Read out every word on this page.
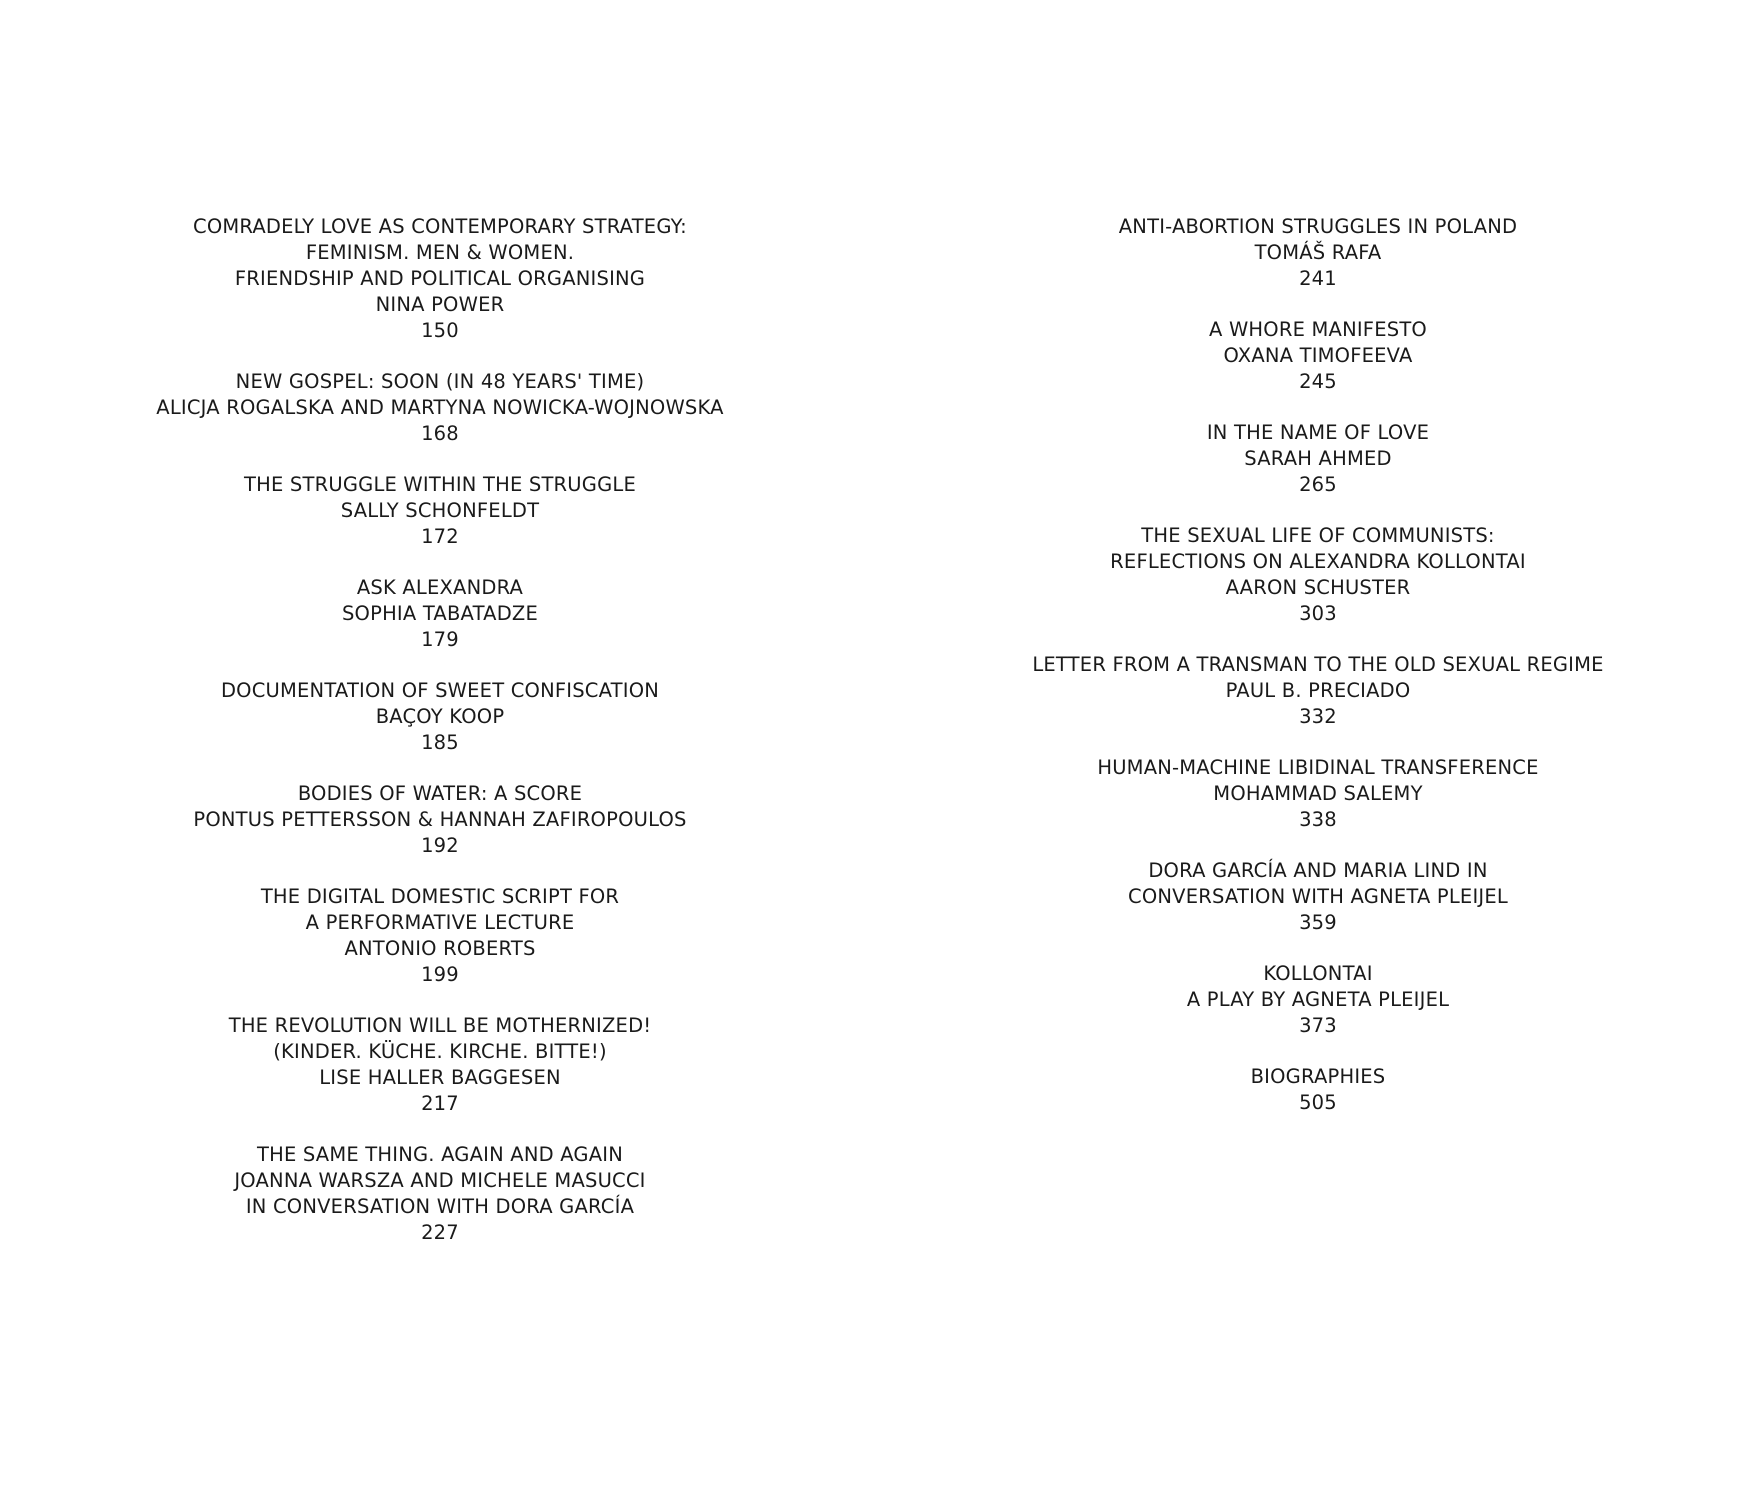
COMRADELY LOVE AS CONTEMPORARY STRATEGY:
FEMINISM. MEN & WOMEN.
FRIENDSHIP AND POLITICAL ORGANISING
NINA POWER
150
NEW GOSPEL: SOON (IN 48 YEARS' TIME)
ALICJA ROGALSKA AND MARTYNA NOWICKA-WOJNOWSKA
168
THE STRUGGLE WITHIN THE STRUGGLE
SALLY SCHONFELDT
172
ASK ALEXANDRA
SOPHIA TABATADZE
179
DOCUMENTATION OF SWEET CONFISCATION
BAÇOY KOOP
185
BODIES OF WATER: A SCORE
PONTUS PETTERSSON & HANNAH ZAFIROPOULOS
192
THE DIGITAL DOMESTIC SCRIPT FOR
A PERFORMATIVE LECTURE
ANTONIO ROBERTS
199
THE REVOLUTION WILL BE MOTHERNIZED!
(KINDER. KÜCHE. KIRCHE. BITTE!)
LISE HALLER BAGGESEN
217
THE SAME THING. AGAIN AND AGAIN
JOANNA WARSZA AND MICHELE MASUCCI
IN CONVERSATION WITH DORA GARCÍA
227
ANTI-ABORTION STRUGGLES IN POLAND
TOMÁŠ RAFA
241
A WHORE MANIFESTO
OXANA TIMOFEEVA
245
IN THE NAME OF LOVE
SARAH AHMED
265
THE SEXUAL LIFE OF COMMUNISTS:
REFLECTIONS ON ALEXANDRA KOLLONTAI
AARON SCHUSTER
303
LETTER FROM A TRANSMAN TO THE OLD SEXUAL REGIME
PAUL B. PRECIADO
332
HUMAN-MACHINE LIBIDINAL TRANSFERENCE
MOHAMMAD SALEMY
338
DORA GARCÍA AND MARIA LIND IN
CONVERSATION WITH AGNETA PLEIJEL
359
KOLLONTAI
A PLAY BY AGNETA PLEIJEL
373
BIOGRAPHIES
505
